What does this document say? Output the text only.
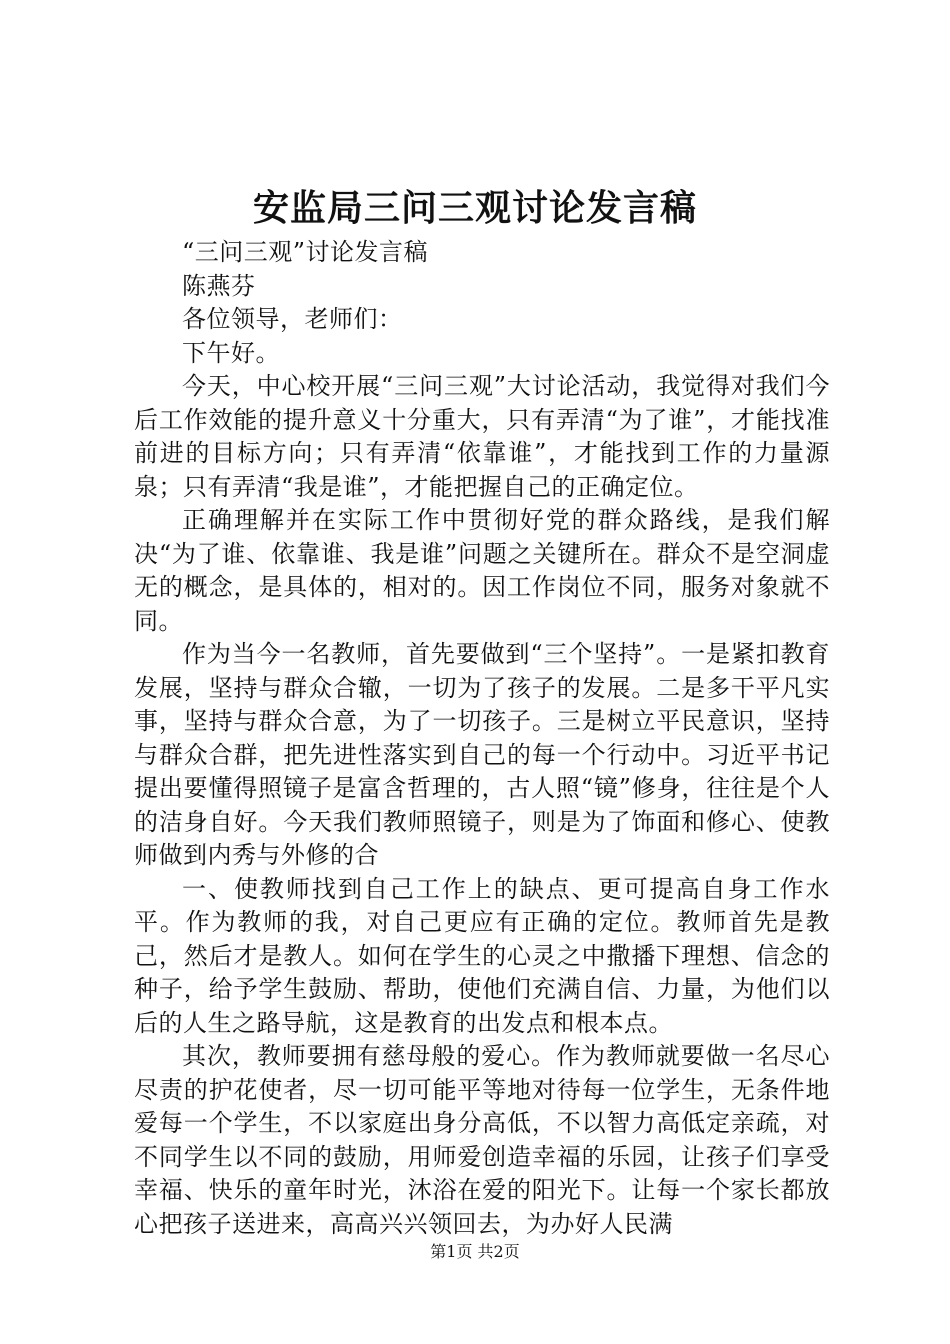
安监局三问三观讨论发言稿

“三问三观”讨论发言稿

陈燕芬

各位领导，老师们：

下午好。

今天，中心校开展“三问三观”大讨论活动，我觉得对我们今后工作效能的提升意义十分重大，只有弄清“为了谁”，才能找准前进的目标方向；只有弄清“依靠谁”，才能找到工作的力量源泉；只有弄清“我是谁”，才能把握自己的正确定位。

正确理解并在实际工作中贯彻好党的群众路线，是我们解决“为了谁、依靠谁、我是谁”问题之关键所在。群众不是空洞虚无的概念，是具体的，相对的。因工作岗位不同，服务对象就不同。

作为当今一名教师，首先要做到“三个坚持”。一是紧扣教育发展，坚持与群众合辙，一切为了孩子的发展。二是多干平凡实事，坚持与群众合意，为了一切孩子。三是树立平民意识，坚持与群众合群，把先进性落实到自己的每一个行动中。习近平书记提出要懂得照镜子是富含哲理的，古人照“镜”修身，往往是个人的洁身自好。今天我们教师照镜子，则是为了饰面和修心、使教师做到内秀与外修的合

一、使教师找到自己工作上的缺点、更可提高自身工作水平。作为教师的我，对自己更应有正确的定位。教师首先是教己，然后才是教人。如何在学生的心灵之中撒播下理想、信念的种子，给予学生鼓励、帮助，使他们充满自信、力量，为他们以后的人生之路导航，这是教育的出发点和根本点。

其次，教师要拥有慈母般的爱心。作为教师就要做一名尽心尽责的护花使者，尽一切可能平等地对待每一位学生，无条件地爱每一个学生，不以家庭出身分高低，不以智力高低定亲疏，对不同学生以不同的鼓励，用师爱创造幸福的乐园，让孩子们享受幸福、快乐的童年时光，沐浴在爱的阳光下。让每一个家长都放心把孩子送进来，高高兴兴领回去，为办好人民满

第1页 共2页
